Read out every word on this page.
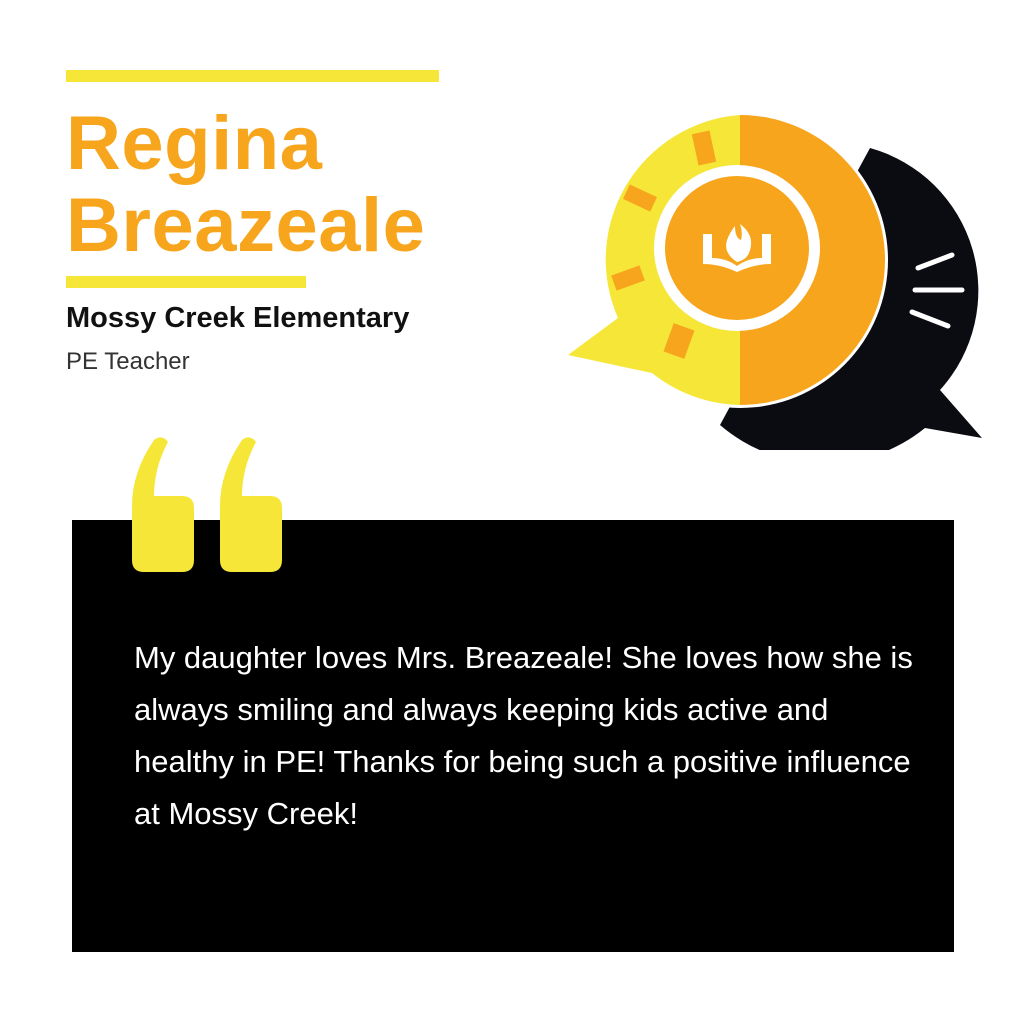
Regina
Breazeale

Mossy Creek Elementary

PE Teacher

My daughter loves Mrs. Breazeale! She loves how she is always smiling and always keeping kids active and healthy in PE! Thanks for being such a positive influence at Mossy Creek!
